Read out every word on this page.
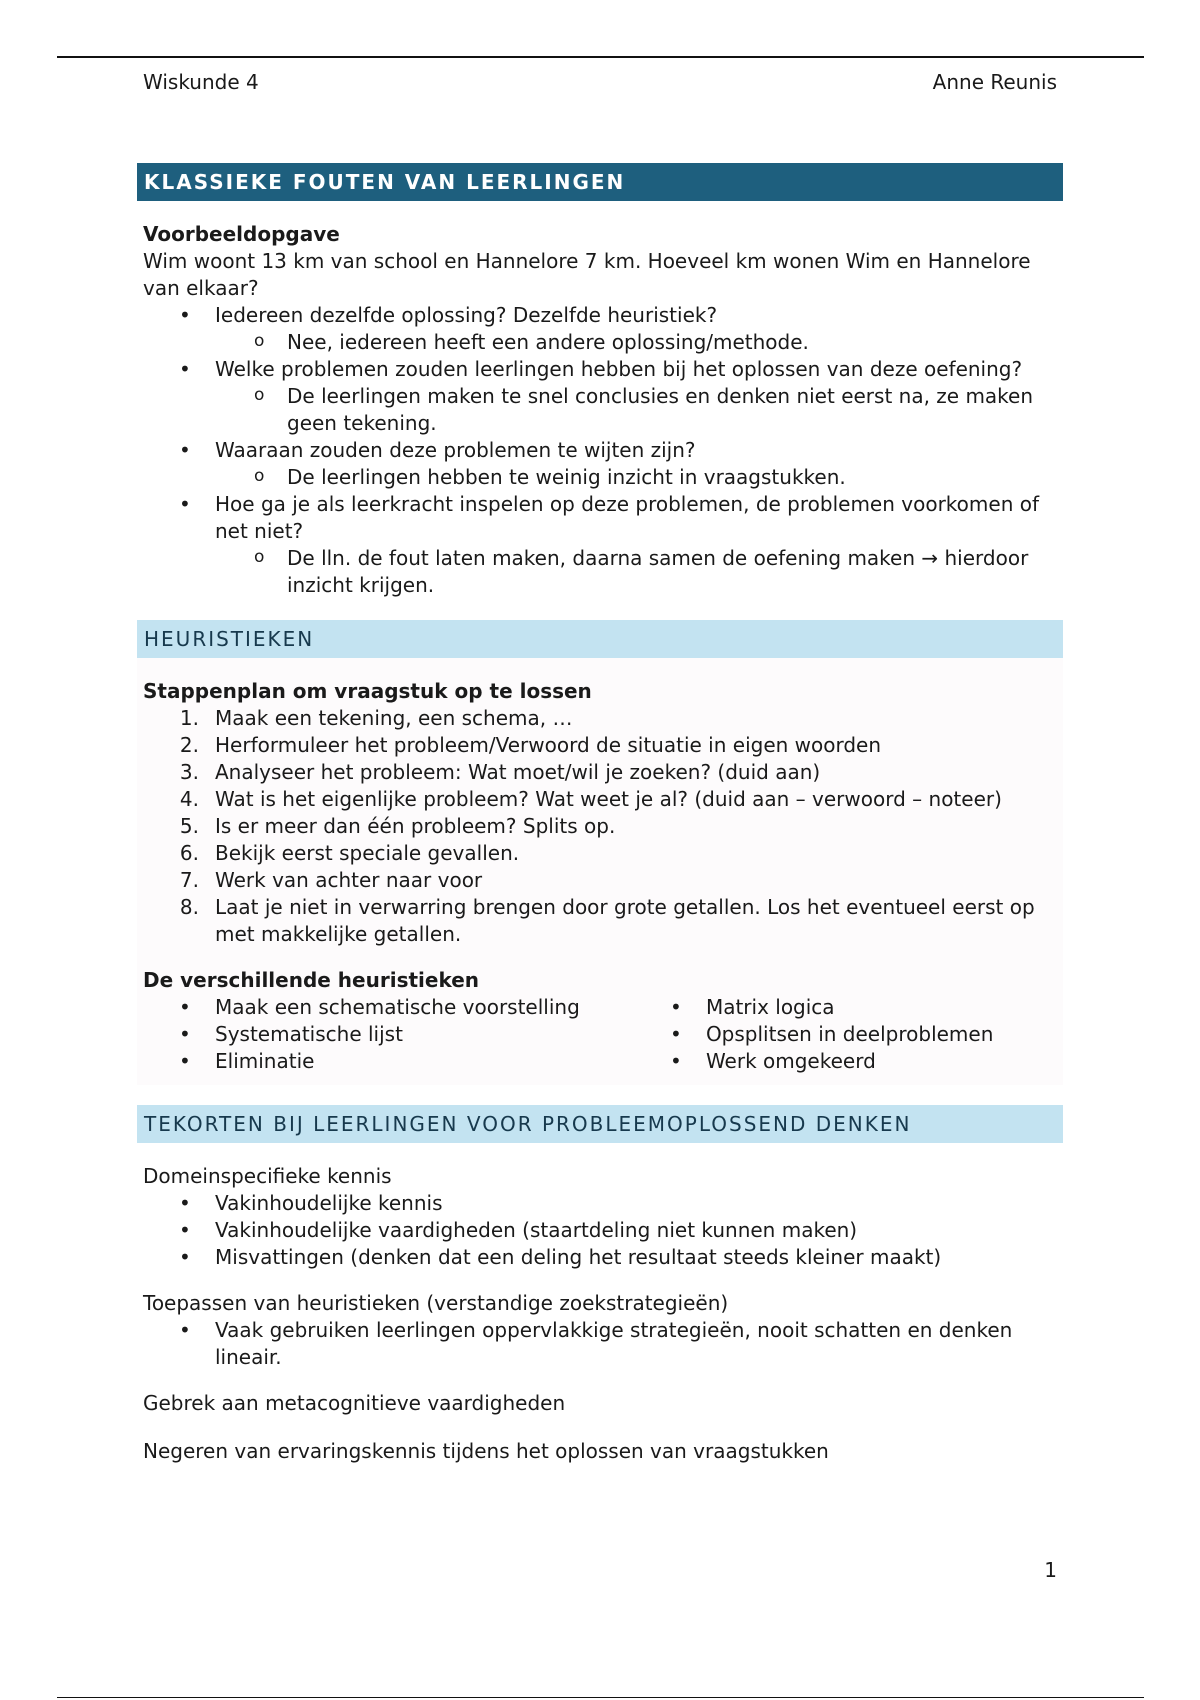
Wiskunde 4	Anne Reunis
KLASSIEKE FOUTEN VAN LEERLINGEN
Voorbeeldopgave
Wim woont 13 km van school en Hannelore 7 km. Hoeveel km wonen Wim en Hannelore van elkaar?
• Iedereen dezelfde oplossing? Dezelfde heuristiek?
o Nee, iedereen heeft een andere oplossing/methode.
• Welke problemen zouden leerlingen hebben bij het oplossen van deze oefening?
o De leerlingen maken te snel conclusies en denken niet eerst na, ze maken geen tekening.
• Waaraan zouden deze problemen te wijten zijn?
o De leerlingen hebben te weinig inzicht in vraagstukken.
• Hoe ga je als leerkracht inspelen op deze problemen, de problemen voorkomen of net niet?
o De lln. de fout laten maken, daarna samen de oefening maken → hierdoor inzicht krijgen.
HEURISTIEKEN
Stappenplan om vraagstuk op te lossen
1. Maak een tekening, een schema, …
2. Herformuleer het probleem/Verwoord de situatie in eigen woorden
3. Analyseer het probleem: Wat moet/wil je zoeken? (duid aan)
4. Wat is het eigenlijke probleem? Wat weet je al? (duid aan – verwoord – noteer)
5. Is er meer dan één probleem? Splits op.
6. Bekijk eerst speciale gevallen.
7. Werk van achter naar voor
8. Laat je niet in verwarring brengen door grote getallen. Los het eventueel eerst op met makkelijke getallen.
De verschillende heuristieken
• Maak een schematische voorstelling
• Systematische lijst
• Eliminatie
• Matrix logica
• Opsplitsen in deelproblemen
• Werk omgekeerd
TEKORTEN BIJ LEERLINGEN VOOR PROBLEEMOPLOSSEND DENKEN
Domeinspecifieke kennis
• Vakinhoudelijke kennis
• Vakinhoudelijke vaardigheden (staartdeling niet kunnen maken)
• Misvattingen (denken dat een deling het resultaat steeds kleiner maakt)
Toepassen van heuristieken (verstandige zoekstrategieën)
• Vaak gebruiken leerlingen oppervlakkige strategieën, nooit schatten en denken lineair.
Gebrek aan metacognitieve vaardigheden
Negeren van ervaringskennis tijdens het oplossen van vraagstukken
1
